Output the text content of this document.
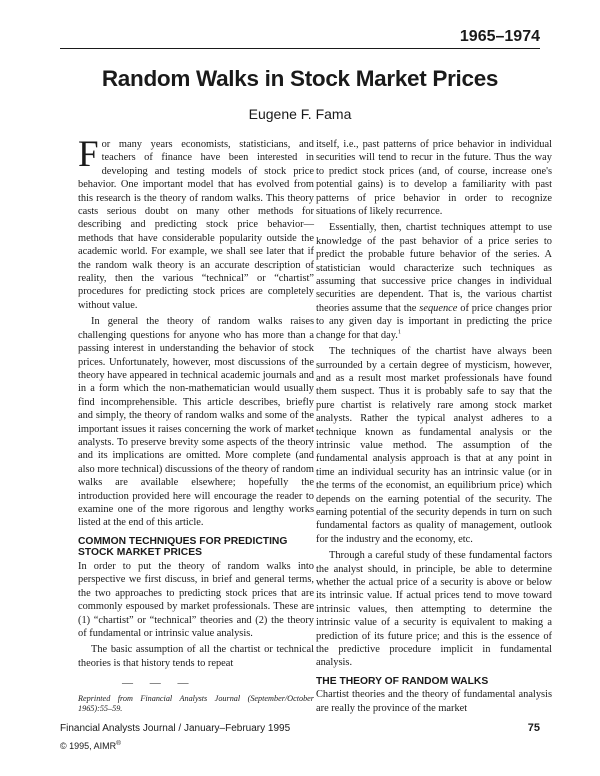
1965–1974
Random Walks in Stock Market Prices
Eugene F. Fama

For many years economists, statisticians, and teachers of finance have been interested in developing and testing models of stock price behavior. One important model that has evolved from this research is the theory of random walks. This theory casts serious doubt on many other methods for describing and predicting stock price behavior—methods that have considerable popularity outside the academic world. For example, we shall see later that if the random walk theory is an accurate description of reality, then the various “technical” or “chartist” procedures for predicting stock prices are completely without value.

In general the theory of random walks raises challenging questions for anyone who has more than a passing interest in understanding the behavior of stock prices. Unfortunately, however, most discussions of the theory have appeared in technical academic journals and in a form which the non-mathematician would usually find incomprehensible. This article describes, briefly and simply, the theory of random walks and some of the important issues it raises concerning the work of market analysts. To preserve brevity some aspects of the theory and its implications are omitted. More complete (and also more technical) discussions of the theory of random walks are available elsewhere; hopefully the introduction provided here will encourage the reader to examine one of the more rigorous and lengthy works listed at the end of this article.

COMMON TECHNIQUES FOR PREDICTING STOCK MARKET PRICES

In order to put the theory of random walks into perspective we first discuss, in brief and general terms, the two approaches to predicting stock prices that are commonly espoused by market professionals. These are (1) “chartist” or “technical” theories and (2) the theory of fundamental or intrinsic value analysis.

The basic assumption of all the chartist or technical theories is that history tends to repeat

— — —

Reprinted from Financial Analysts Journal (September/October 1965):55–59.

itself, i.e., past patterns of price behavior in individual securities will tend to recur in the future. Thus the way to predict stock prices (and, of course, increase one's potential gains) is to develop a familiarity with past patterns of price behavior in order to recognize situations of likely recurrence.

Essentially, then, chartist techniques attempt to use knowledge of the past behavior of a price series to predict the probable future behavior of the series. A statistician would characterize such techniques as assuming that successive price changes in individual securities are dependent. That is, the various chartist theories assume that the sequence of price changes prior to any given day is important in predicting the price change for that day.$^1$

The techniques of the chartist have always been surrounded by a certain degree of mysticism, however, and as a result most market professionals have found them suspect. Thus it is probably safe to say that the pure chartist is relatively rare among stock market analysts. Rather the typical analyst adheres to a technique known as fundamental analysis or the intrinsic value method. The assumption of the fundamental analysis approach is that at any point in time an individual security has an intrinsic value (or in the terms of the economist, an equilibrium price) which depends on the earning potential of the security. The earning potential of the security depends in turn on such fundamental factors as quality of management, outlook for the industry and the economy, etc.

Through a careful study of these fundamental factors the analyst should, in principle, be able to determine whether the actual price of a security is above or below its intrinsic value. If actual prices tend to move toward intrinsic values, then attempting to determine the intrinsic value of a security is equivalent to making a prediction of its future price; and this is the essence of the predictive procedure implicit in fundamental analysis.

THE THEORY OF RANDOM WALKS

Chartist theories and the theory of fundamental analysis are really the province of the market

Financial Analysts Journal / January–February 1995	75
© 1995, AIMR®
